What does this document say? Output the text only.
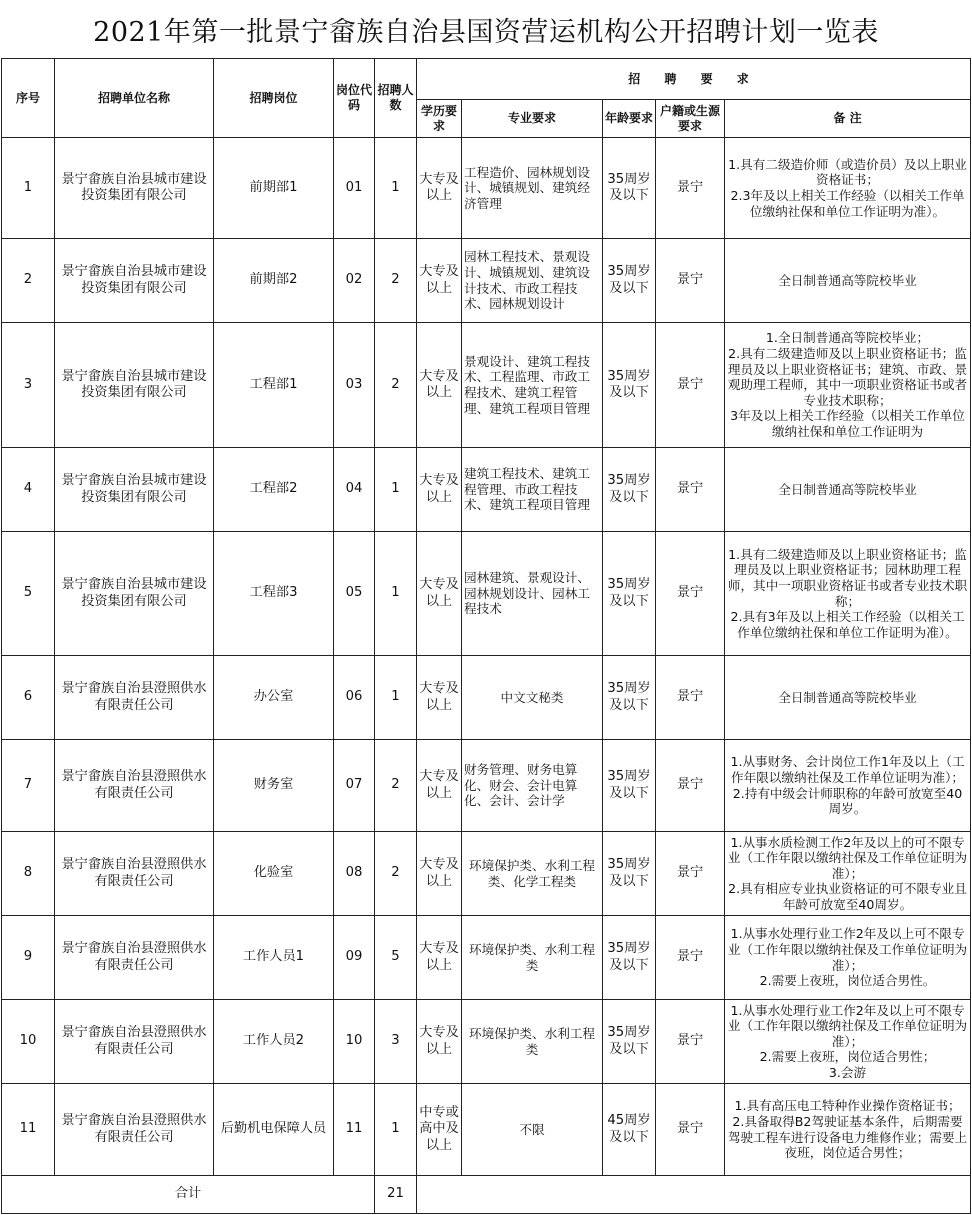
2021年第一批景宁畲族自治县国资营运机构公开招聘计划一览表
序号	招聘单位名称	招聘岗位	岗位代码	招聘人数	招 聘 要 求				
					学历要求	专业要求	年龄要求	户籍或生源要求	备 注

1	景宁畲族自治县城市建设投资集团有限公司	前期部1	01	1	大专及以上	工程造价、园林规划设计、城镇规划、建筑经济管理	35周岁及以下	景宁	1.具有二级造价师（或造价员）及以上职业资格证书；
2.3年及以上相关工作经验（以相关工作单位缴纳社保和单位工作证明为准）。

2	景宁畲族自治县城市建设投资集团有限公司	前期部2	02	2	大专及以上	园林工程技术、景观设计、城镇规划、建筑设计技术、市政工程技术、园林规划设计	35周岁及以下	景宁	全日制普通高等院校毕业

3	景宁畲族自治县城市建设投资集团有限公司	工程部1	03	2	大专及以上	景观设计、建筑工程技术、工程监理、市政工程技术、建筑工程管理、建筑工程项目管理	35周岁及以下	景宁	1.全日制普通高等院校毕业；
2.具有二级建造师及以上职业资格证书；监理员及以上职业资格证书；建筑、市政、景观助理工程师，其中一项职业资格证书或者专业技术职称；
3年及以上相关工作经验（以相关工作单位缴纳社保和单位工作证明为

4	景宁畲族自治县城市建设投资集团有限公司	工程部2	04	1	大专及以上	建筑工程技术、建筑工程管理、市政工程技术、建筑工程项目管理	35周岁及以下	景宁	全日制普通高等院校毕业

5	景宁畲族自治县城市建设投资集团有限公司	工程部3	05	1	大专及以上	园林建筑、景观设计、园林规划设计、园林工程技术	35周岁及以下	景宁	1.具有二级建造师及以上职业资格证书；监理员及以上职业资格证书；园林助理工程师，其中一项职业资格证书或者专业技术职称；
2.具有3年及以上相关工作经验（以相关工作单位缴纳社保和单位工作证明为准）。

6	景宁畲族自治县澄照供水有限责任公司	办公室	06	1	大专及以上	中文文秘类	35周岁及以下	景宁	全日制普通高等院校毕业

7	景宁畲族自治县澄照供水有限责任公司	财务室	07	2	大专及以上	财务管理、财务电算化、财会、会计电算化、会计、会计学	35周岁及以下	景宁	1.从事财务、会计岗位工作1年及以上（工作年限以缴纳社保及工作单位证明为准）；
2.持有中级会计师职称的年龄可放宽至40周岁。

8	景宁畲族自治县澄照供水有限责任公司	化验室	08	2	大专及以上	环境保护类、水利工程类、化学工程类	35周岁及以下	景宁	1.从事水质检测工作2年及以上的可不限专业（工作年限以缴纳社保及工作单位证明为准）；
2.具有相应专业执业资格证的可不限专业且年龄可放宽至40周岁。

9	景宁畲族自治县澄照供水有限责任公司	工作人员1	09	5	大专及以上	环境保护类、水利工程类	35周岁及以下	景宁	1.从事水处理行业工作2年及以上可不限专业（工作年限以缴纳社保及工作单位证明为准）；
2.需要上夜班，岗位适合男性。

10	景宁畲族自治县澄照供水有限责任公司	工作人员2	10	3	大专及以上	环境保护类、水利工程类	35周岁及以下	景宁	1.从事水处理行业工作2年及以上可不限专业（工作年限以缴纳社保及工作单位证明为准）；
2.需要上夜班，岗位适合男性；
3.会游

11	景宁畲族自治县澄照供水有限责任公司	后勤机电保障人员	11	1	中专或高中及以上	不限	45周岁及以下	景宁	1.具有高压电工特种作业操作资格证书；
2.具备取得B2驾驶证基本条件，后期需要驾驶工程车进行设备电力维修作业；需要上夜班，岗位适合男性；

合计				21					
